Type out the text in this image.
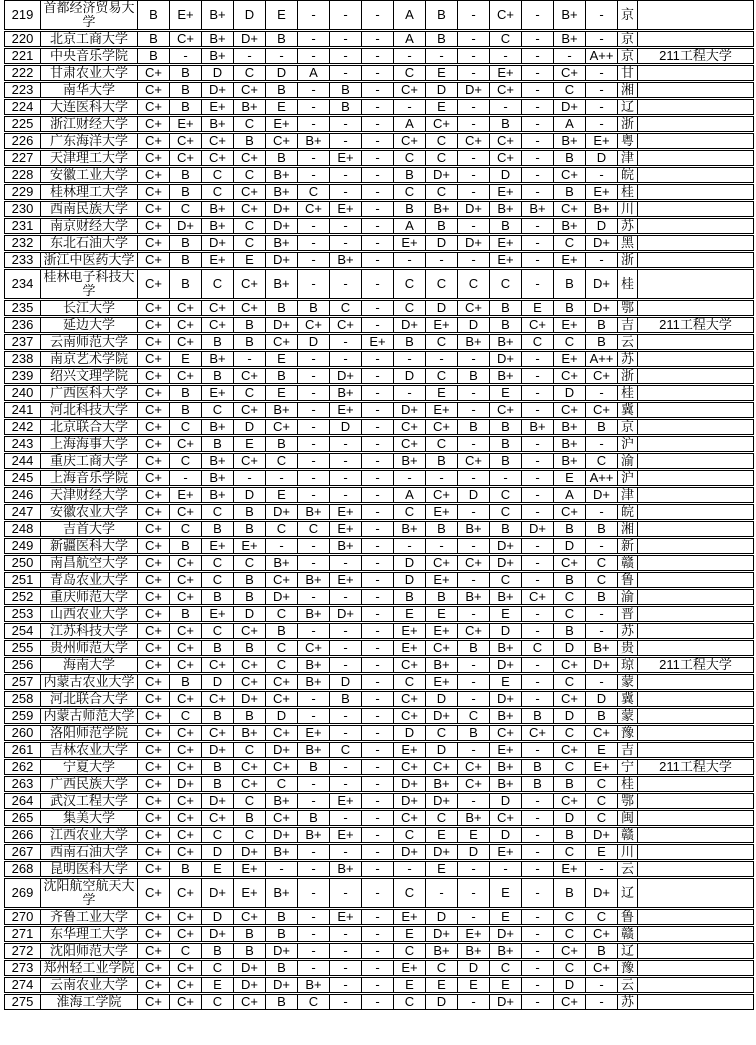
219	首都经济贸易大学	B	E+	B+	D	E	-	-	-	A	B	-	C+	-	B+	-	京	
220	北京工商大学	B	C+	B+	D+	B	-	-	-	A	B	-	C	-	B+	-	京	
221	中央音乐学院	B	-	B+	-	-	-	-	-	-	-	-	-	-	-	A++	京	211工程大学
222	甘肃农业大学	C+	B	D	C	D	A	-	-	C	E	-	E+	-	C+	-	甘	
223	南华大学	C+	B	D+	C+	B	-	B	-	C+	D	D+	C+	-	C	-	湘	
224	大连医科大学	C+	B	E+	B+	E	-	B	-	-	E	-	-	-	D+	-	辽	
225	浙江财经大学	C+	E+	B+	C	E+	-	-	-	A	C+	-	B	-	A	-	浙	
226	广东海洋大学	C+	C+	C+	B	C+	B+	-	-	C+	C	C+	C+	-	B+	E+	粤	
227	天津理工大学	C+	C+	C+	C+	B	-	E+	-	C	C	-	C+	-	B	D	津	
228	安徽工业大学	C+	B	C	C	B+	-	-	-	B	D+	-	D	-	C+	-	皖	
229	桂林理工大学	C+	B	C	C+	B+	C	-	-	C	C	-	E+	-	B	E+	桂	
230	西南民族大学	C+	C	B+	C+	D+	C+	E+	-	B	B+	D+	B+	B+	C+	B+	川	
231	南京财经大学	C+	D+	B+	C	D+	-	-	-	A	B	-	B	-	B+	D	苏	
232	东北石油大学	C+	B	D+	C	B+	-	-	-	E+	D	D+	E+	-	C	D+	黑	
233	浙江中医药大学	C+	B	E+	E	D+	-	B+	-	-	-	-	E+	-	E+	-	浙	
234	桂林电子科技大学	C+	B	C	C+	B+	-	-	-	C	C	C	C	-	B	D+	桂	
235	长江大学	C+	C+	C+	C+	B	B	C	-	C	D	C+	B	E	B	D+	鄂	
236	延边大学	C+	C+	C+	B	D+	C+	C+	-	D+	E+	D	B	C+	E+	B	吉	211工程大学
237	云南师范大学	C+	C+	B	B	C+	D	-	E+	B	C	B+	B+	C	C	B	云	
238	南京艺术学院	C+	E	B+	-	E	-	-	-	-	-	-	D+	-	E+	A++	苏	
239	绍兴文理学院	C+	C+	B	C+	B	-	D+	-	D	C	B	B+	-	C+	C+	浙	
240	广西医科大学	C+	B	E+	C	E	-	B+	-	-	E	-	E	-	D	-	桂	
241	河北科技大学	C+	B	C	C+	B+	-	E+	-	D+	E+	-	C+	-	C+	C+	冀	
242	北京联合大学	C+	C	B+	D	C+	-	D	-	C+	C+	B	B	B+	B+	B	京	
243	上海海事大学	C+	C+	B	E	B	-	-	-	C+	C	-	B	-	B+	-	沪	
244	重庆工商大学	C+	C	B+	C+	C	-	-	-	B+	B	C+	B	-	B+	C	渝	
245	上海音乐学院	C+	-	B+	-	-	-	-	-	-	-	-	-	-	E	A++	沪	
246	天津财经大学	C+	E+	B+	D	E	-	-	-	A	C+	D	C	-	A	D+	津	
247	安徽农业大学	C+	C+	C	B	D+	B+	E+	-	C	E+	-	C	-	C+	-	皖	
248	吉首大学	C+	C	B	B	C	C	E+	-	B+	B	B+	B	D+	B	B	湘	
249	新疆医科大学	C+	B	E+	E+	-	-	B+	-	-	-	-	D+	-	D	-	新	
250	南昌航空大学	C+	C+	C	C	B+	-	-	-	D	C+	C+	D+	-	C+	C	赣	
251	青岛农业大学	C+	C+	C	B	C+	B+	E+	-	D	E+	-	C	-	B	C	鲁	
252	重庆师范大学	C+	C+	B	B	D+	-	-	-	B	B	B+	B+	C+	C	B	渝	
253	山西农业大学	C+	B	E+	D	C	B+	D+	-	E	E	-	E	-	C	-	晋	
254	江苏科技大学	C+	C+	C	C+	B	-	-	-	E+	E+	C+	D	-	B	-	苏	
255	贵州师范大学	C+	C+	B	B	C	C+	-	-	E+	C+	B	B+	C	D	B+	贵	
256	海南大学	C+	C+	C+	C+	C	B+	-	-	C+	B+	-	D+	-	C+	D+	琼	211工程大学
257	内蒙古农业大学	C+	B	D	C+	C+	B+	D	-	C	E+	-	E	-	C	-	蒙	
258	河北联合大学	C+	C+	C+	D+	C+	-	B	-	C+	D	-	D+	-	C+	D	冀	
259	内蒙古师范大学	C+	C	B	B	D	-	-	-	C+	D+	C	B+	B	D	B	蒙	
260	洛阳师范学院	C+	C+	C+	B+	C+	E+	-	-	D	C	B	C+	C+	C	C+	豫	
261	吉林农业大学	C+	C+	D+	C	D+	B+	C	-	E+	D	-	E+	-	C+	E	吉	
262	宁夏大学	C+	C+	B	C+	C+	B	-	-	C+	C+	C+	B+	B	C	E+	宁	211工程大学
263	广西民族大学	C+	D+	B	C+	C	-	-	-	D+	B+	C+	B+	B	B	C	桂	
264	武汉工程大学	C+	C+	D+	C	B+	-	E+	-	D+	D+	-	D	-	C+	C	鄂	
265	集美大学	C+	C+	C+	B	C+	B	-	-	C+	C	B+	C+	-	D	C	闽	
266	江西农业大学	C+	C+	C	C	D+	B+	E+	-	C	E	E	D	-	B	D+	赣	
267	西南石油大学	C+	C+	D	D+	B+	-	-	-	D+	D+	D	E+	-	C	E	川	
268	昆明医科大学	C+	B	E	E+	-	-	B+	-	-	E	-	-	-	E+	-	云	
269	沈阳航空航天大学	C+	C+	D+	E+	B+	-	-	-	C	-	-	E	-	B	D+	辽	
270	齐鲁工业大学	C+	C+	D	C+	B	-	E+	-	E+	D	-	E	-	C	C	鲁	
271	东华理工大学	C+	C+	D+	B	B	-	-	-	E	D+	E+	D+	-	C	C+	赣	
272	沈阳师范大学	C+	C	B	B	D+	-	-	-	C	B+	B+	B+	-	C+	B	辽	
273	郑州轻工业学院	C+	C+	C	D+	B	-	-	-	E+	C	D	C	-	C	C+	豫	
274	云南农业大学	C+	C+	E	D+	D+	B+	-	-	E	E	E	E	-	D	-	云	
275	淮海工学院	C+	C+	C	C+	B	C	-	-	C	D	-	D+	-	C+	-	苏	
